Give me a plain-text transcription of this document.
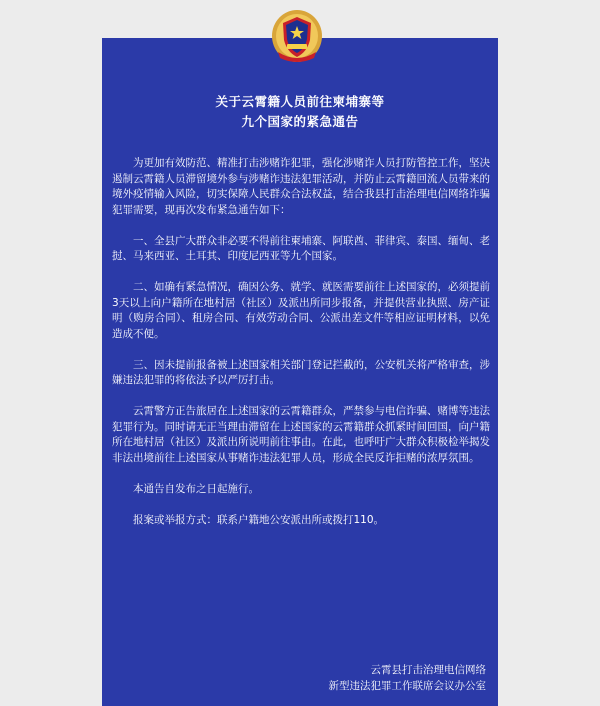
关于云霄籍人员前往柬埔寨等
九个国家的紧急通告

为更加有效防范、精准打击涉赌诈犯罪，强化涉赌诈人员打防管控工作，坚决遏制云霄籍人员滞留境外参与涉赌诈违法犯罪活动，并防止云霄籍回流人员带来的境外疫情输入风险，切实保障人民群众合法权益，结合我县打击治理电信网络诈骗犯罪需要，现再次发布紧急通告如下：

一、全县广大群众非必要不得前往柬埔寨、阿联酋、菲律宾、泰国、缅甸、老挝、马来西亚、土耳其、印度尼西亚等九个国家。

二、如确有紧急情况，确因公务、就学、就医需要前往上述国家的，必须提前3天以上向户籍所在地村居（社区）及派出所同步报备，并提供营业执照、房产证明（购房合同）、租房合同、有效劳动合同、公派出差文件等相应证明材料，以免造成不便。

三、因未提前报备被上述国家相关部门登记拦截的，公安机关将严格审查，涉嫌违法犯罪的将依法予以严厉打击。

云霄警方正告旅居在上述国家的云霄籍群众，严禁参与电信诈骗、赌博等违法犯罪行为。同时请无正当理由滞留在上述国家的云霄籍群众抓紧时间回国，向户籍所在地村居（社区）及派出所说明前往事由。在此，也呼吁广大群众积极检举揭发非法出境前往上述国家从事赌诈违法犯罪人员，形成全民反诈拒赌的浓厚氛围。

本通告自发布之日起施行。

报案或举报方式：联系户籍地公安派出所或拨打110。

云霄县打击治理电信网络
新型违法犯罪工作联席会议办公室
